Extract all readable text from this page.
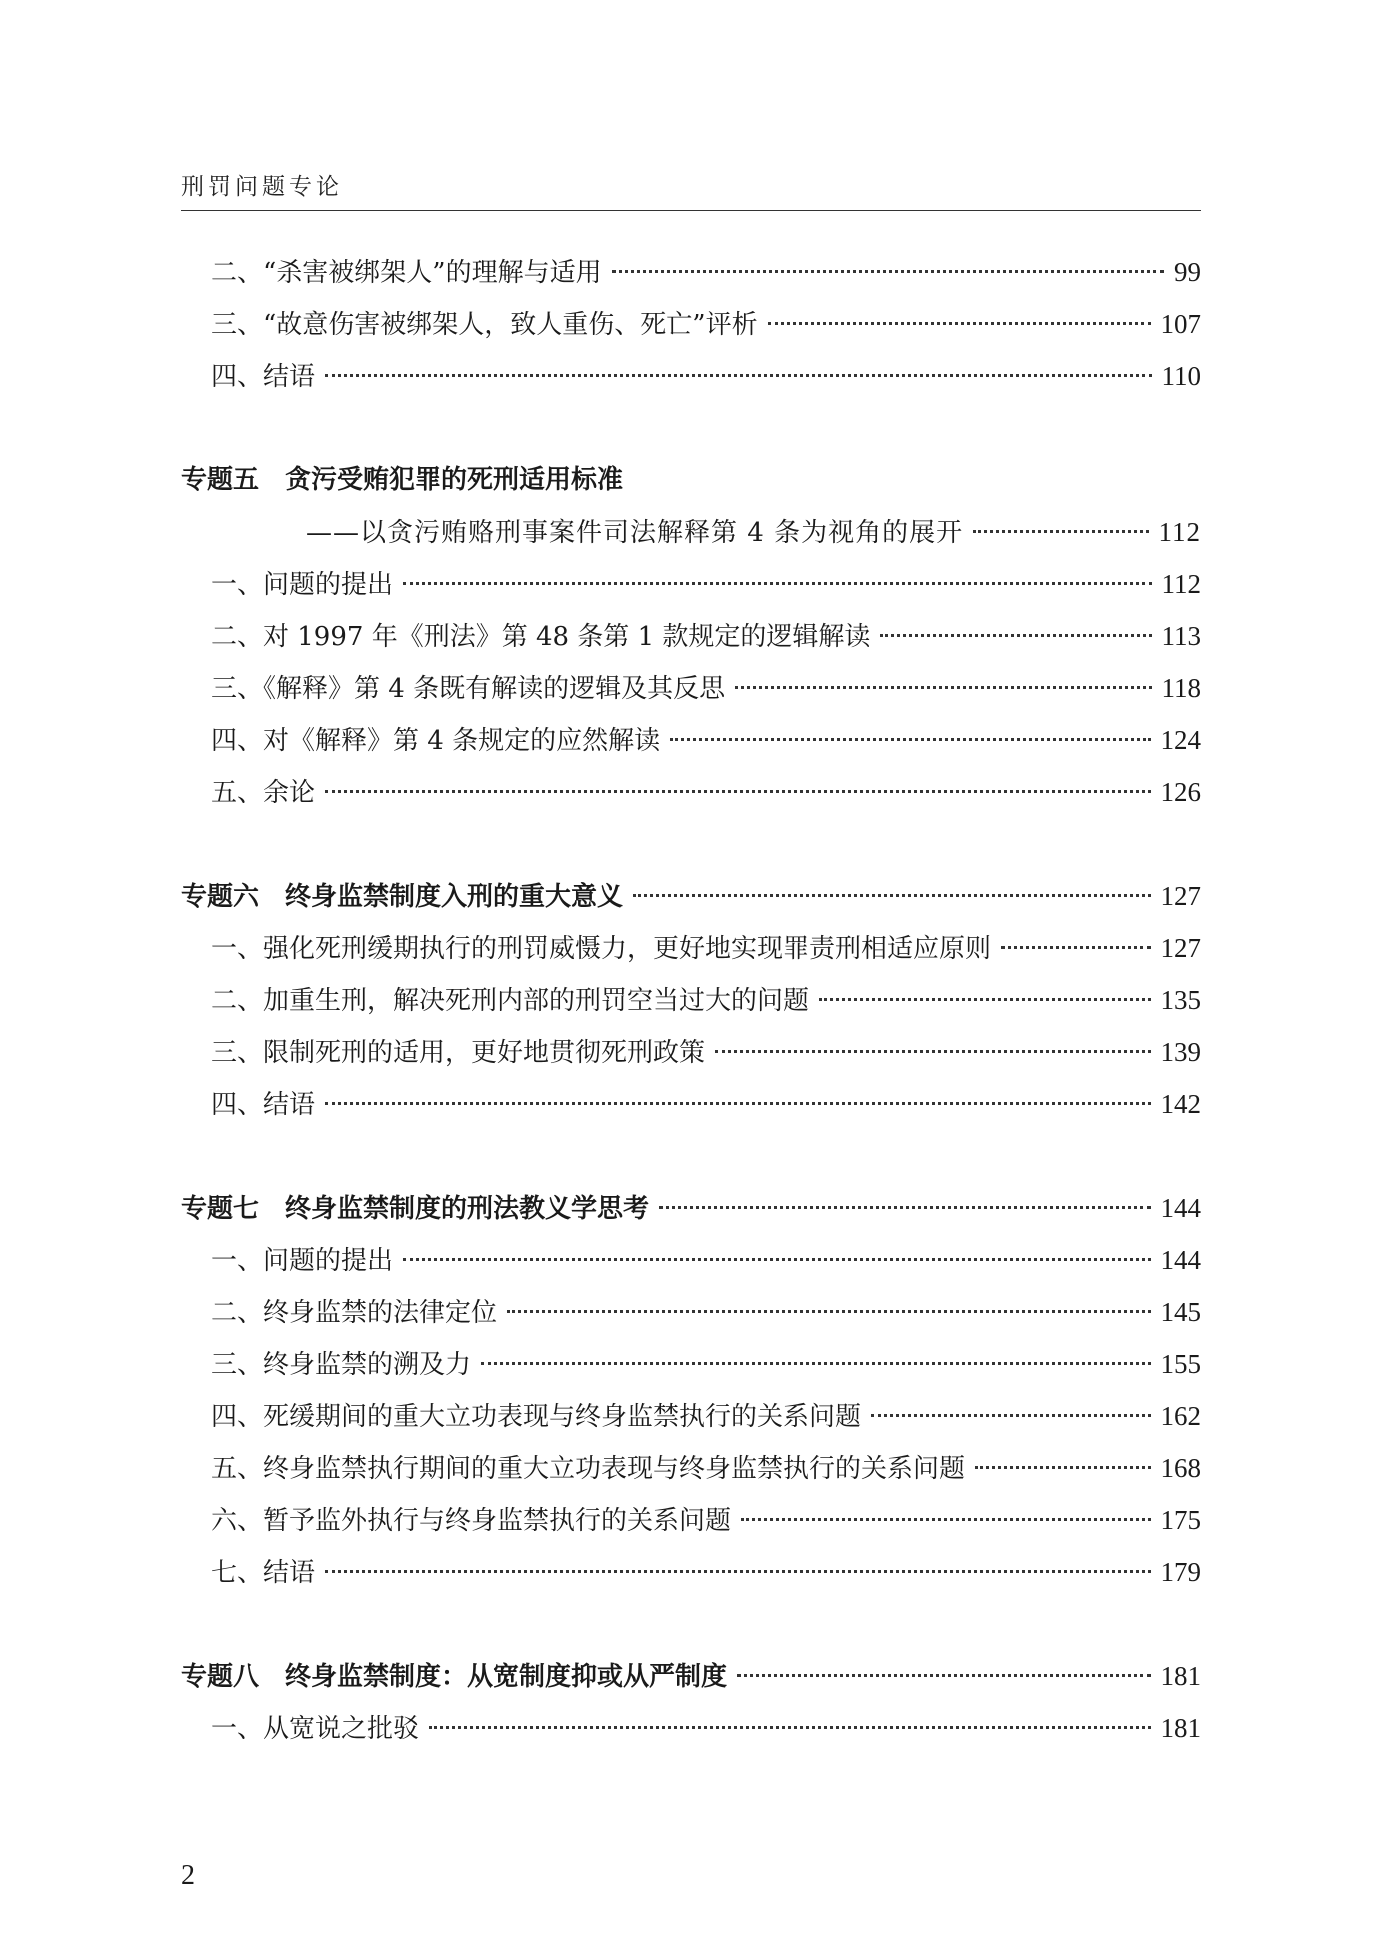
刑罚问题专论
二、“杀害被绑架人”的理解与适用	99
三、“故意伤害被绑架人，致人重伤、死亡”评析	107
四、结语	110
专题五　贪污受贿犯罪的死刑适用标准
——以贪污贿赂刑事案件司法解释第 4 条为视角的展开	112
一、问题的提出	112
二、对 1997 年《刑法》第 48 条第 1 款规定的逻辑解读	113
三、《解释》第 4 条既有解读的逻辑及其反思	118
四、对《解释》第 4 条规定的应然解读	124
五、余论	126
专题六　终身监禁制度入刑的重大意义	127
一、强化死刑缓期执行的刑罚威慑力，更好地实现罪责刑相适应原则	127
二、加重生刑，解决死刑内部的刑罚空当过大的问题	135
三、限制死刑的适用，更好地贯彻死刑政策	139
四、结语	142
专题七　终身监禁制度的刑法教义学思考	144
一、问题的提出	144
二、终身监禁的法律定位	145
三、终身监禁的溯及力	155
四、死缓期间的重大立功表现与终身监禁执行的关系问题	162
五、终身监禁执行期间的重大立功表现与终身监禁执行的关系问题	168
六、暂予监外执行与终身监禁执行的关系问题	175
七、结语	179
专题八　终身监禁制度：从宽制度抑或从严制度	181
一、从宽说之批驳	181
2
